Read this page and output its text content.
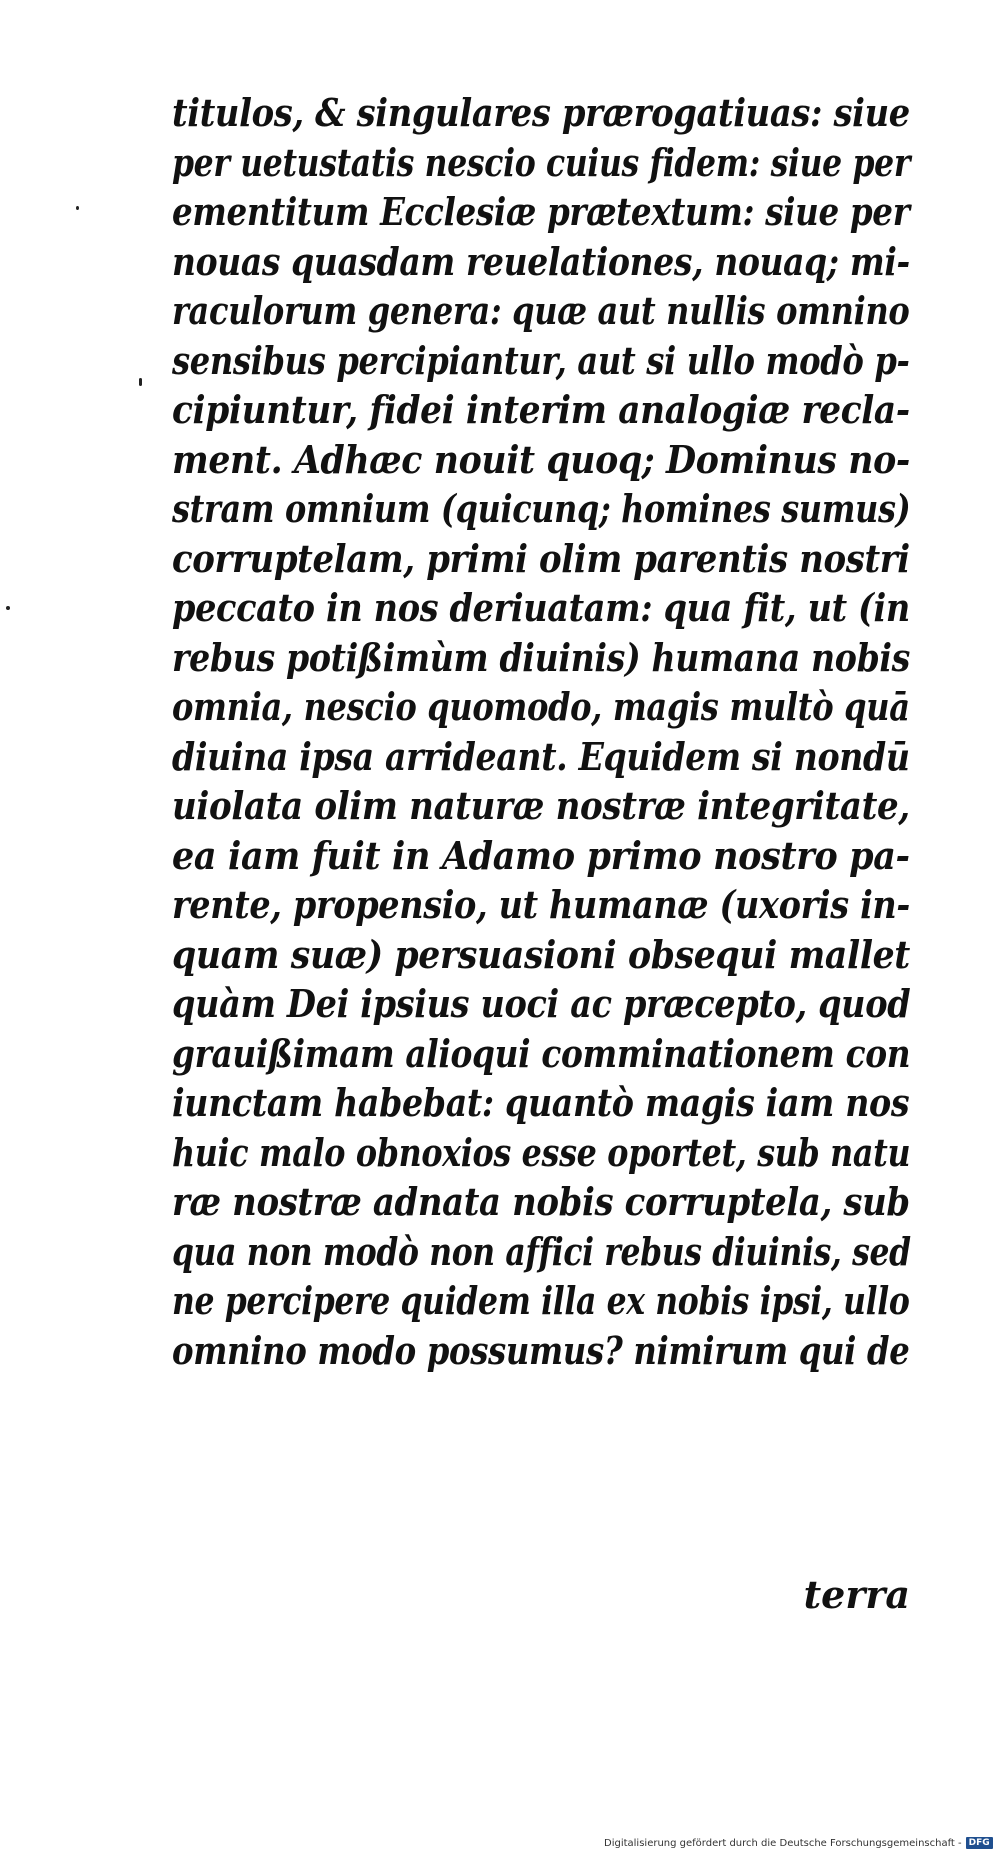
titulos, & singulares prærogatiuas: siue
per uetustatis nescio cuius fidem: siue per
ementitum Ecclesiæ prætextum: siue per
nouas quasdam reuelationes, nouaq; mi-
raculorum genera: quæ aut nullis omnino
sensibus percipiantur, aut si ullo modò p-
cipiuntur, fidei interim analogiæ recla-
ment. Adhæc nouit quoq; Dominus no-
stram omnium (quicunq; homines sumus)
corruptelam, primi olim parentis nostri
peccato in nos deriuatam: qua fit, ut (in
rebus potißimùm diuinis) humana nobis
omnia, nescio quomodo, magis multò quā
diuina ipsa arrideant. Equidem si nondū
uiolata olim naturæ nostræ integritate,
ea iam fuit in Adamo primo nostro pa-
rente, propensio, ut humanæ (uxoris in-
quam suæ) persuasioni obsequi mallet
quàm Dei ipsius uoci ac præcepto, quod
grauißimam alioqui comminationem con
iunctam habebat: quantò magis iam nos
huic malo obnoxios esse oportet, sub natu
ræ nostræ adnata nobis corruptela, sub
qua non modò non affici rebus diuinis, sed
ne percipere quidem illa ex nobis ipsi, ullo
omnino modo possumus? nimirum qui de
terra
Digitalisierung gefördert durch die Deutsche Forschungsgemeinschaft - DFG
